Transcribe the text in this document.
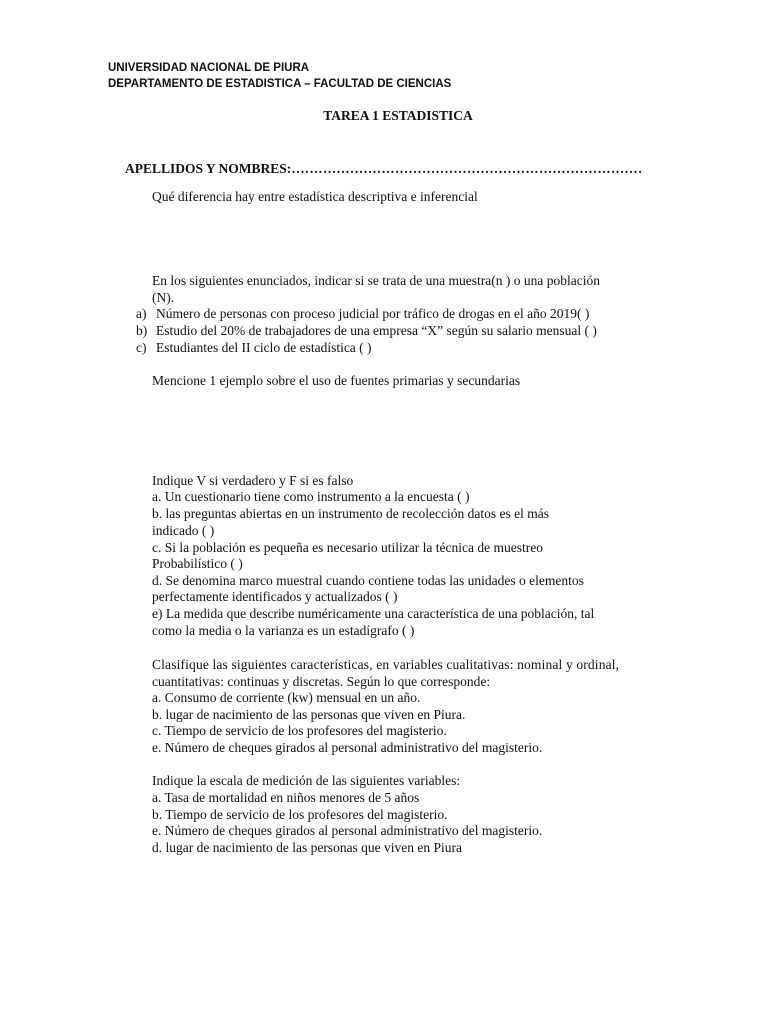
UNIVERSIDAD NACIONAL DE PIURA
DEPARTAMENTO DE ESTADISTICA – FACULTAD DE CIENCIAS
TAREA 1 ESTADISTICA
APELLIDOS Y NOMBRES:……………………………………………………………………
Qué diferencia hay entre estadística descriptiva e inferencial
En los siguientes enunciados, indicar si se trata de una muestra(n ) o una población
(N).
a) Número de personas con proceso judicial por tráfico de drogas en el año 2019( )
b) Estudio del 20% de trabajadores de una empresa “X” según su salario mensual ( )
c) Estudiantes del II ciclo de estadística ( )
Mencione 1 ejemplo sobre el uso de fuentes primarias y secundarias
Indique V si verdadero y F si es falso
a. Un cuestionario tiene como instrumento a la encuesta ( )
b. las preguntas abiertas en un instrumento de recolección datos es el más
indicado ( )
c. Si la población es pequeña es necesario utilizar la técnica de muestreo
Probabilístico ( )
d. Se denomina marco muestral cuando contiene todas las unidades o elementos
perfectamente identificados y actualizados ( )
e) La medida que describe numéricamente una característica de una población, tal
como la media o la varianza es un estadígrafo ( )
Clasifique las siguientes características, en variables cualitativas: nominal y ordinal,
cuantitativas: continuas y discretas. Según lo que corresponde:
a. Consumo de corriente (kw) mensual en un año.
b. lugar de nacimiento de las personas que viven en Piura.
c. Tiempo de servicio de los profesores del magisterio.
e. Número de cheques girados al personal administrativo del magisterio.
Indique la escala de medición de las siguientes variables:
a. Tasa de mortalidad en niños menores de 5 años
b. Tiempo de servicio de los profesores del magisterio.
e. Número de cheques girados al personal administrativo del magisterio.
d. lugar de nacimiento de las personas que viven en Piura
